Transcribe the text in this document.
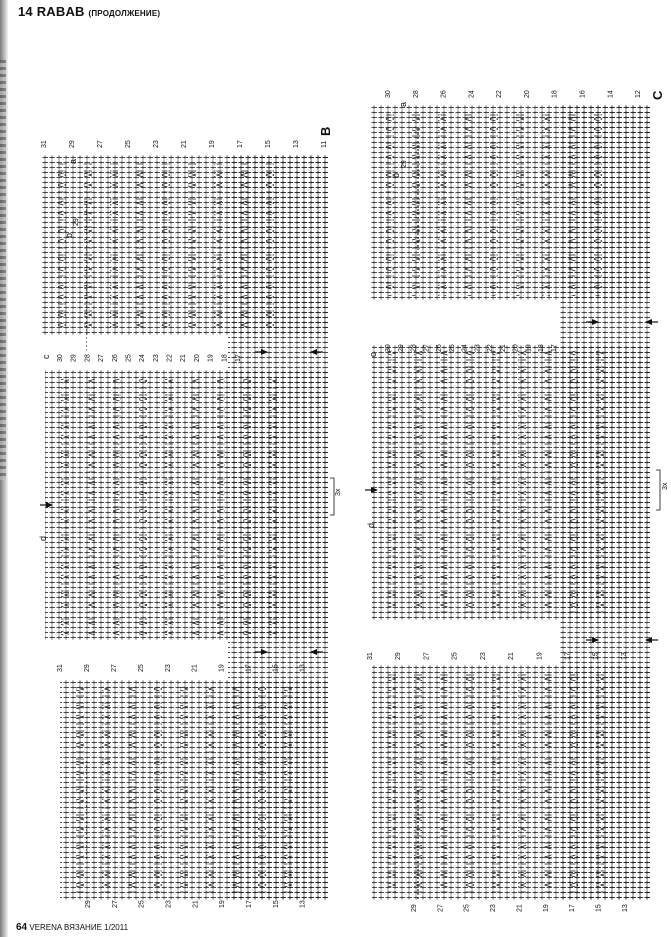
14 RABAB (ПРОДОЛЖЕНИЕ)
B
a
b
29
c
d
3x
C
a
b
29
c
d
3x
31	29	27	25	23	21	19	17	15	13	11
30 29 28 27 26 25 24 23 22 21 20 19 18 17
31	29	27	25	23	21	19	17	15	13
29	27	25	23	21	19	17	15	13
30	28	26	24	22	20	18	16	14	12
30 29 28 27 26 25 24 23 22 21 20 19 18 17
31	29	27	25	23	21	19	17	15	13
29	27	25	23	21	19	17	15	13
64 VERENA ВЯЗАНИЕ 1/2011
